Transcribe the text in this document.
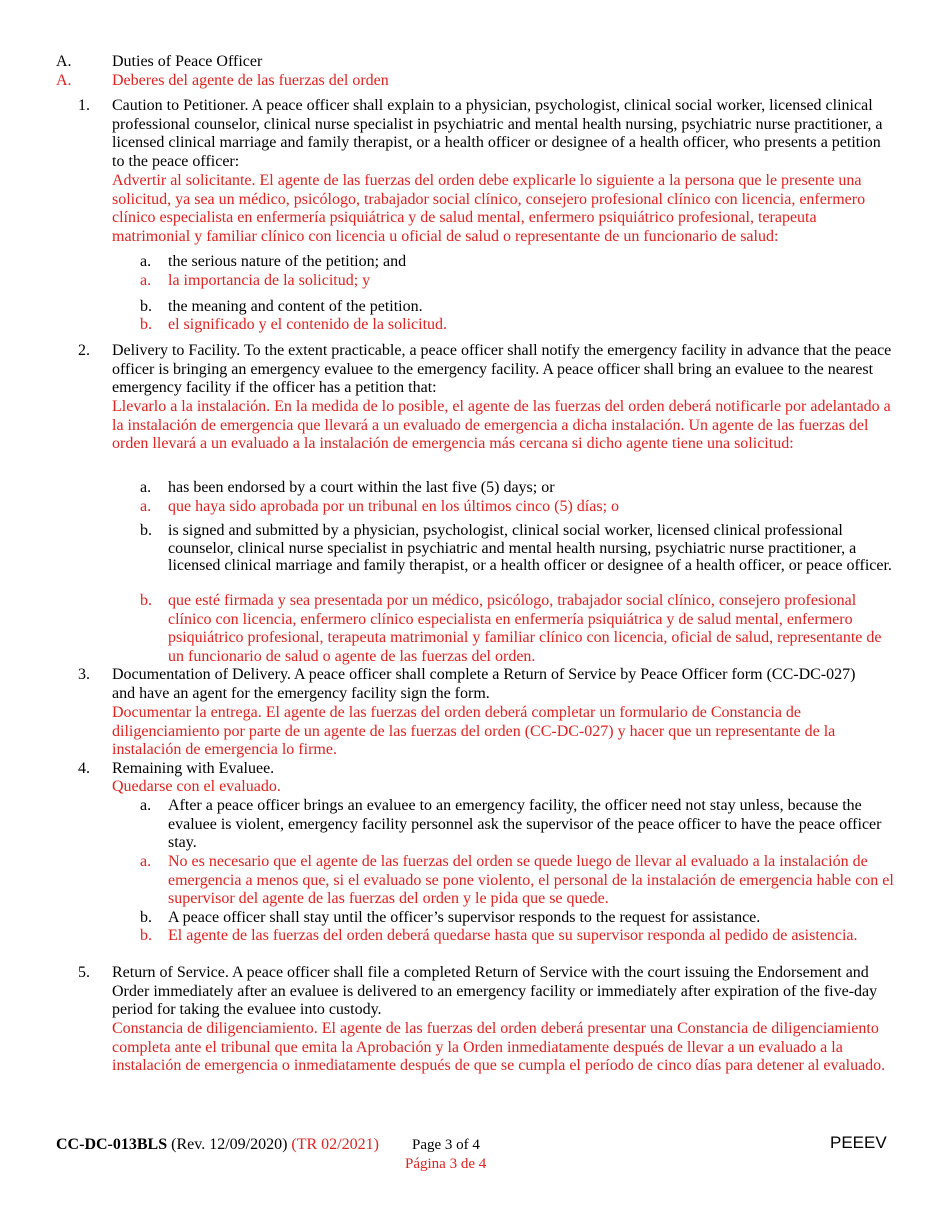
A.	Duties of Peace Officer
A.	Deberes del agente de las fuerzas del orden
1. Caution to Petitioner. A peace officer shall explain to a physician, psychologist, clinical social worker, licensed clinical professional counselor, clinical nurse specialist in psychiatric and mental health nursing, psychiatric nurse practitioner, a licensed clinical marriage and family therapist, or a health officer or designee of a health officer, who presents a petition to the peace officer:

Advertir al solicitante. El agente de las fuerzas del orden debe explicarle lo siguiente a la persona que le presente una solicitud, ya sea un médico, psicólogo, trabajador social clínico, consejero profesional clínico con licencia, enfermero clínico especialista en enfermería psiquiátrica y de salud mental, enfermero psiquiátrico profesional, terapeuta matrimonial y familiar clínico con licencia u oficial de salud o representante de un funcionario de salud:

a. the serious nature of the petition; and

a. la importancia de la solicitud; y

b. the meaning and content of the petition.

b. el significado y el contenido de la solicitud.

2. Delivery to Facility. To the extent practicable, a peace officer shall notify the emergency facility in advance that the peace officer is bringing an emergency evaluee to the emergency facility. A peace officer shall bring an evaluee to the nearest emergency facility if the officer has a petition that:

Llevarlo a la instalación. En la medida de lo posible, el agente de las fuerzas del orden deberá notificarle por adelantado a la instalación de emergencia que llevará a un evaluado de emergencia a dicha instalación. Un agente de las fuerzas del orden llevará a un evaluado a la instalación de emergencia más cercana si dicho agente tiene una solicitud:

a. has been endorsed by a court within the last five (5) days; or

a. que haya sido aprobada por un tribunal en los últimos cinco (5) días; o

b. is signed and submitted by a physician, psychologist, clinical social worker, licensed clinical professional counselor, clinical nurse specialist in psychiatric and mental health nursing, psychiatric nurse practitioner, a licensed clinical marriage and family therapist, or a health officer or designee of a health officer, or peace officer.

b. que esté firmada y sea presentada por un médico, psicólogo, trabajador social clínico, consejero profesional clínico con licencia, enfermero clínico especialista en enfermería psiquiátrica y de salud mental, enfermero psiquiátrico profesional, terapeuta matrimonial y familiar clínico con licencia, oficial de salud, representante de un funcionario de salud o agente de las fuerzas del orden.

3. Documentation of Delivery. A peace officer shall complete a Return of Service by Peace Officer form (CC-DC-027) and have an agent for the emergency facility sign the form.

Documentar la entrega. El agente de las fuerzas del orden deberá completar un formulario de Constancia de diligenciamiento por parte de un agente de las fuerzas del orden (CC-DC-027) y hacer que un representante de la instalación de emergencia lo firme.

4. Remaining with Evaluee.

Quedarse con el evaluado.

a. After a peace officer brings an evaluee to an emergency facility, the officer need not stay unless, because the evaluee is violent, emergency facility personnel ask the supervisor of the peace officer to have the peace officer stay.

a. No es necesario que el agente de las fuerzas del orden se quede luego de llevar al evaluado a la instalación de emergencia a menos que, si el evaluado se pone violento, el personal de la instalación de emergencia hable con el supervisor del agente de las fuerzas del orden y le pida que se quede.

b. A peace officer shall stay until the officer’s supervisor responds to the request for assistance.

b. El agente de las fuerzas del orden deberá quedarse hasta que su supervisor responda al pedido de asistencia.

5. Return of Service. A peace officer shall file a completed Return of Service with the court issuing the Endorsement and Order immediately after an evaluee is delivered to an emergency facility or immediately after expiration of the five-day period for taking the evaluee into custody.

Constancia de diligenciamiento. El agente de las fuerzas del orden deberá presentar una Constancia de diligenciamiento completa ante el tribunal que emita la Aprobación y la Orden inmediatamente después de llevar a un evaluado a la instalación de emergencia o inmediatamente después de que se cumpla el período de cinco días para detener al evaluado.

CC-DC-013BLS (Rev. 12/09/2020) (TR 02/2021) Page 3 of 4
Página 3 de 4
PEEEV
